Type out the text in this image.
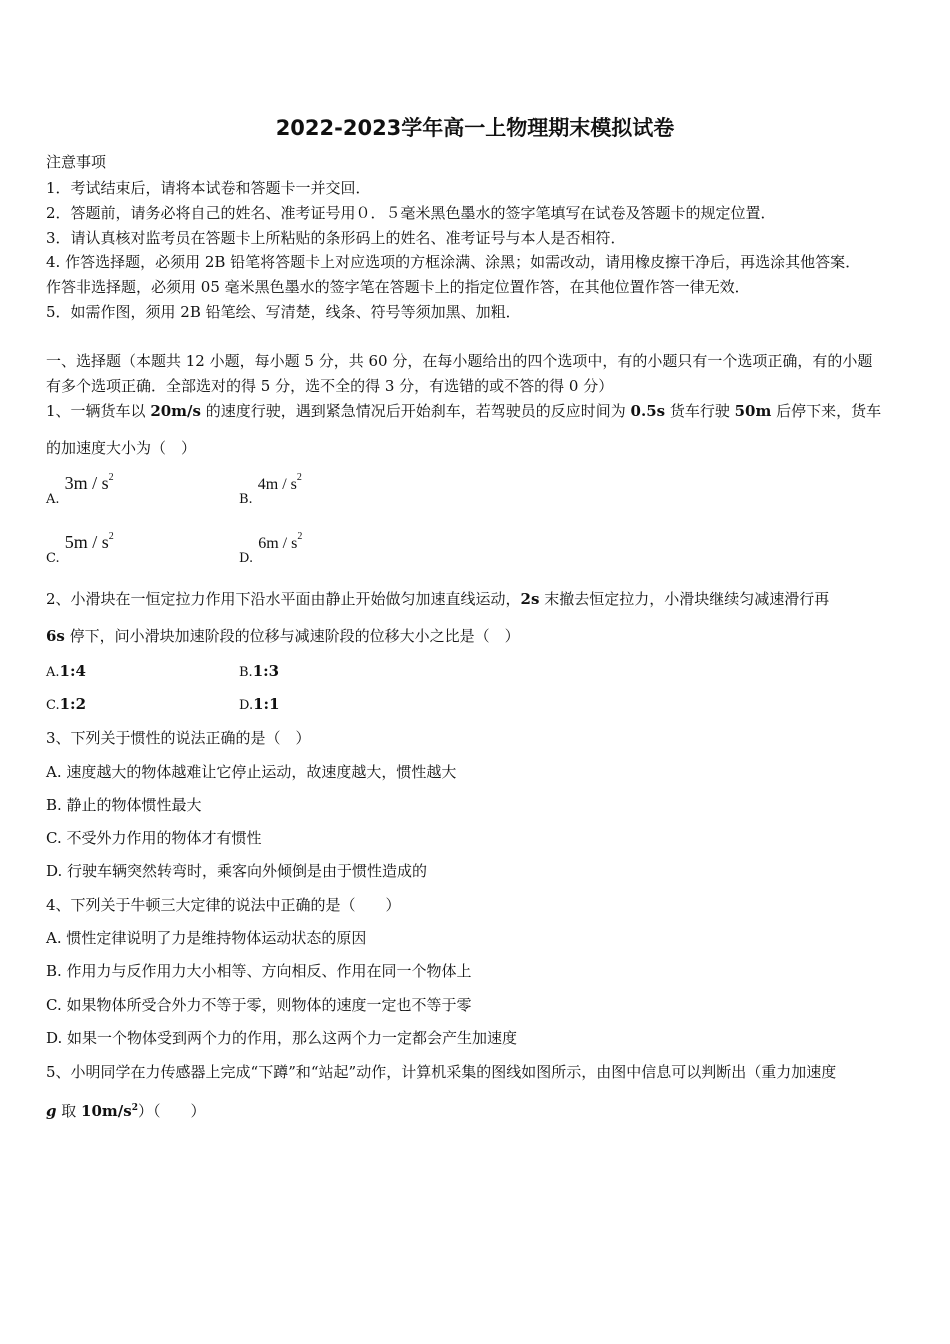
2022-2023学年高一上物理期末模拟试卷
注意事项
1．考试结束后，请将本试卷和答题卡一并交回．
2．答题前，请务必将自己的姓名、准考证号用０．５毫米黑色墨水的签字笔填写在试卷及答题卡的规定位置．
3．请认真核对监考员在答题卡上所粘贴的条形码上的姓名、准考证号与本人是否相符．
4. 作答选择题，必须用 2B 铅笔将答题卡上对应选项的方框涂满、涂黑；如需改动，请用橡皮擦干净后，再选涂其他答案．
作答非选择题，必须用 05 毫米黑色墨水的签字笔在答题卡上的指定位置作答，在其他位置作答一律无效．
5．如需作图，须用 2B 铅笔绘、写清楚，线条、符号等须加黑、加粗．
一、选择题（本题共 12 小题，每小题 5 分，共 60 分，在每小题给出的四个选项中，有的小题只有一个选项正确，有的小题
有多个选项正确．全部选对的得 5 分，选不全的得 3 分，有选错的或不答的得 0 分）
1、一辆货车以 20m/s 的速度行驶，遇到紧急情况后开始刹车，若驾驶员的反应时间为 0.5s 货车行驶 50m 后停下来，货车
的加速度大小为（　）
$_{A.}$ $3m / s^2$
$_{B.}$ $4m / s^2$
$_{C.}$ $5m / s^2$
$_{D.}$ $6m / s^2$
2、小滑块在一恒定拉力作用下沿水平面由静止开始做匀加速直线运动，2s 末撤去恒定拉力，小滑块继续匀减速滑行再
6s 停下，问小滑块加速阶段的位移与减速阶段的位移大小之比是（　）
A.1:4	B.1:3
C.1:2	D.1:1
3、下列关于惯性的说法正确的是（　）
A. 速度越大的物体越难让它停止运动，故速度越大，惯性越大
B. 静止的物体惯性最大
C. 不受外力作用的物体才有惯性
D. 行驶车辆突然转弯时，乘客向外倾倒是由于惯性造成的
4、下列关于牛顿三大定律的说法中正确的是（　　）
A. 惯性定律说明了力是维持物体运动状态的原因
B. 作用力与反作用力大小相等、方向相反、作用在同一个物体上
C. 如果物体所受合外力不等于零，则物体的速度一定也不等于零
D. 如果一个物体受到两个力的作用，那么这两个力一定都会产生加速度
5、小明同学在力传感器上完成“下蹲”和“站起”动作，计算机采集的图线如图所示，由图中信息可以判断出（重力加速度
g 取 $10m/s^2$）（　　）
